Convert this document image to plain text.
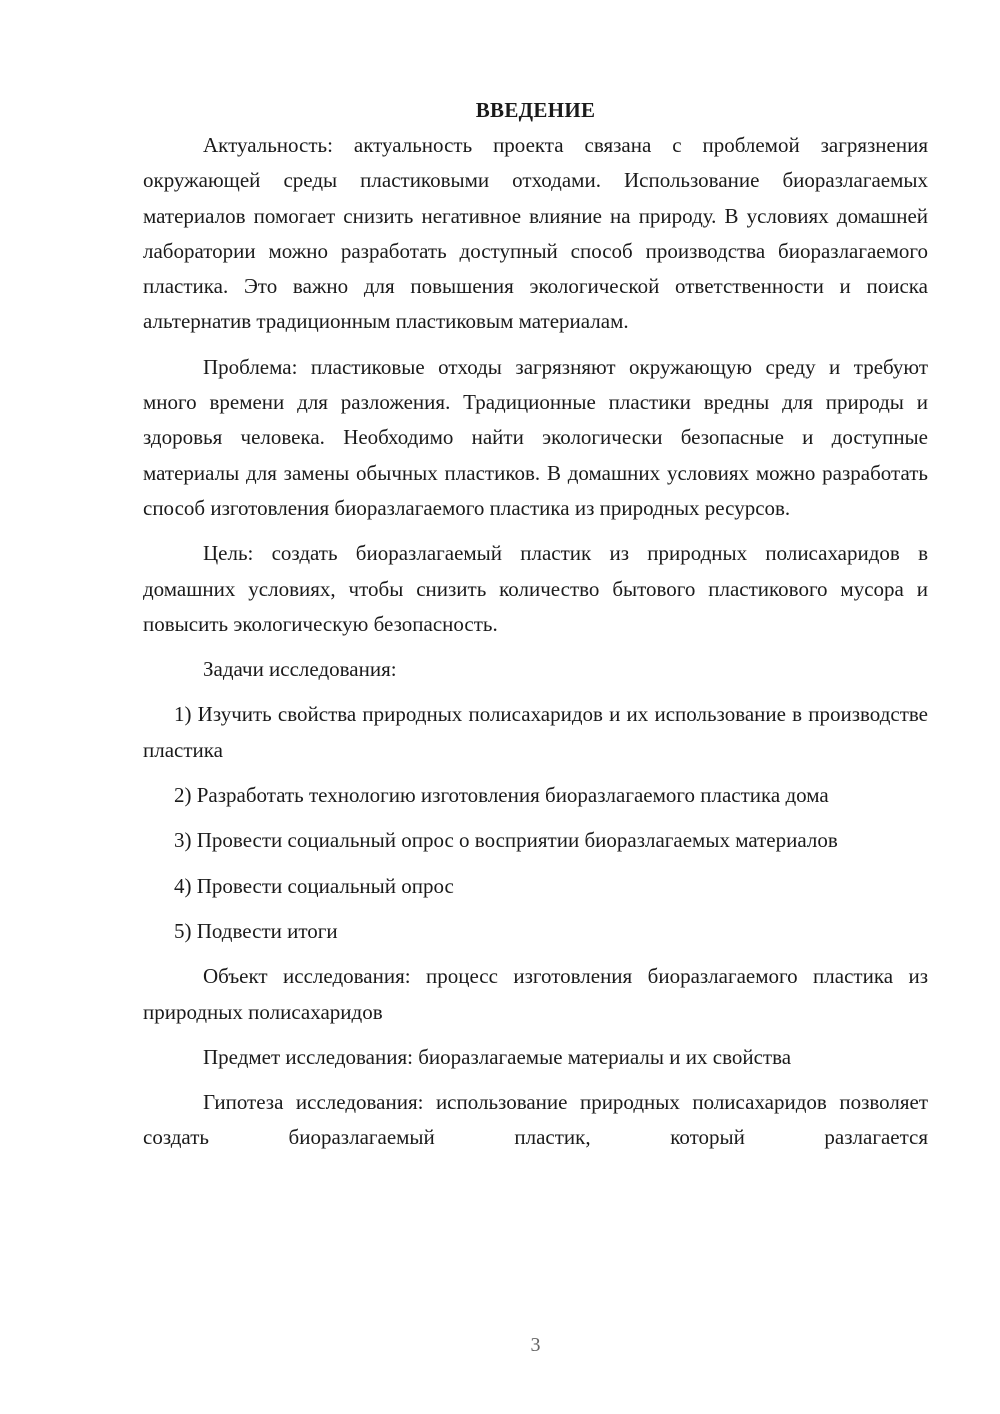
ВВЕДЕНИЕ

Актуальность: актуальность проекта связана с проблемой загрязнения окружающей среды пластиковыми отходами. Использование биоразлагаемых материалов помогает снизить негативное влияние на природу. В условиях домашней лаборатории можно разработать доступный способ производства биоразлагаемого пластика. Это важно для повышения экологической ответственности и поиска альтернатив традиционным пластиковым материалам.

Проблема: пластиковые отходы загрязняют окружающую среду и требуют много времени для разложения. Традиционные пластики вредны для природы и здоровья человека. Необходимо найти экологически безопасные и доступные материалы для замены обычных пластиков. В домашних условиях можно разработать способ изготовления биоразлагаемого пластика из природных ресурсов.

Цель: создать биоразлагаемый пластик из природных полисахаридов в домашних условиях, чтобы снизить количество бытового пластикового мусора и повысить экологическую безопасность.

Задачи исследования:

1) Изучить свойства природных полисахаридов и их использование в производстве пластика

2) Разработать технологию изготовления биоразлагаемого пластика дома

3) Провести социальный опрос о восприятии биоразлагаемых материалов

4) Провести социальный опрос

5) Подвести итоги

Объект исследования: процесс изготовления биоразлагаемого пластика из природных полисахаридов

Предмет исследования: биоразлагаемые материалы и их свойства

Гипотеза исследования: использование природных полисахаридов позволяет создать биоразлагаемый пластик, который разлагается

3
